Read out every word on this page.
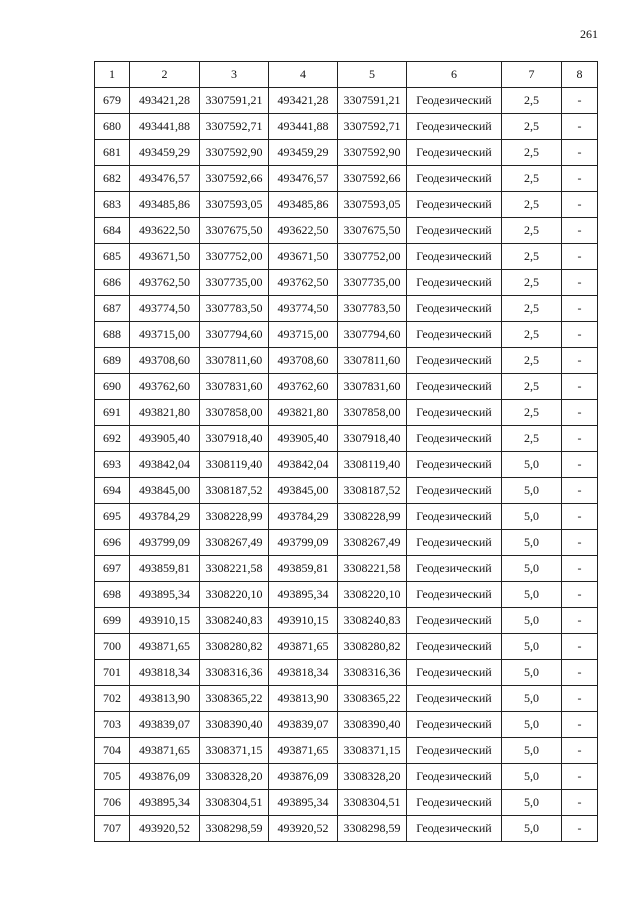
261
1	2	3	4	5	6	7	8
679	493421,28	3307591,21	493421,28	3307591,21	Геодезический	2,5	-
680	493441,88	3307592,71	493441,88	3307592,71	Геодезический	2,5	-
681	493459,29	3307592,90	493459,29	3307592,90	Геодезический	2,5	-
682	493476,57	3307592,66	493476,57	3307592,66	Геодезический	2,5	-
683	493485,86	3307593,05	493485,86	3307593,05	Геодезический	2,5	-
684	493622,50	3307675,50	493622,50	3307675,50	Геодезический	2,5	-
685	493671,50	3307752,00	493671,50	3307752,00	Геодезический	2,5	-
686	493762,50	3307735,00	493762,50	3307735,00	Геодезический	2,5	-
687	493774,50	3307783,50	493774,50	3307783,50	Геодезический	2,5	-
688	493715,00	3307794,60	493715,00	3307794,60	Геодезический	2,5	-
689	493708,60	3307811,60	493708,60	3307811,60	Геодезический	2,5	-
690	493762,60	3307831,60	493762,60	3307831,60	Геодезический	2,5	-
691	493821,80	3307858,00	493821,80	3307858,00	Геодезический	2,5	-
692	493905,40	3307918,40	493905,40	3307918,40	Геодезический	2,5	-
693	493842,04	3308119,40	493842,04	3308119,40	Геодезический	5,0	-
694	493845,00	3308187,52	493845,00	3308187,52	Геодезический	5,0	-
695	493784,29	3308228,99	493784,29	3308228,99	Геодезический	5,0	-
696	493799,09	3308267,49	493799,09	3308267,49	Геодезический	5,0	-
697	493859,81	3308221,58	493859,81	3308221,58	Геодезический	5,0	-
698	493895,34	3308220,10	493895,34	3308220,10	Геодезический	5,0	-
699	493910,15	3308240,83	493910,15	3308240,83	Геодезический	5,0	-
700	493871,65	3308280,82	493871,65	3308280,82	Геодезический	5,0	-
701	493818,34	3308316,36	493818,34	3308316,36	Геодезический	5,0	-
702	493813,90	3308365,22	493813,90	3308365,22	Геодезический	5,0	-
703	493839,07	3308390,40	493839,07	3308390,40	Геодезический	5,0	-
704	493871,65	3308371,15	493871,65	3308371,15	Геодезический	5,0	-
705	493876,09	3308328,20	493876,09	3308328,20	Геодезический	5,0	-
706	493895,34	3308304,51	493895,34	3308304,51	Геодезический	5,0	-
707	493920,52	3308298,59	493920,52	3308298,59	Геодезический	5,0	-
